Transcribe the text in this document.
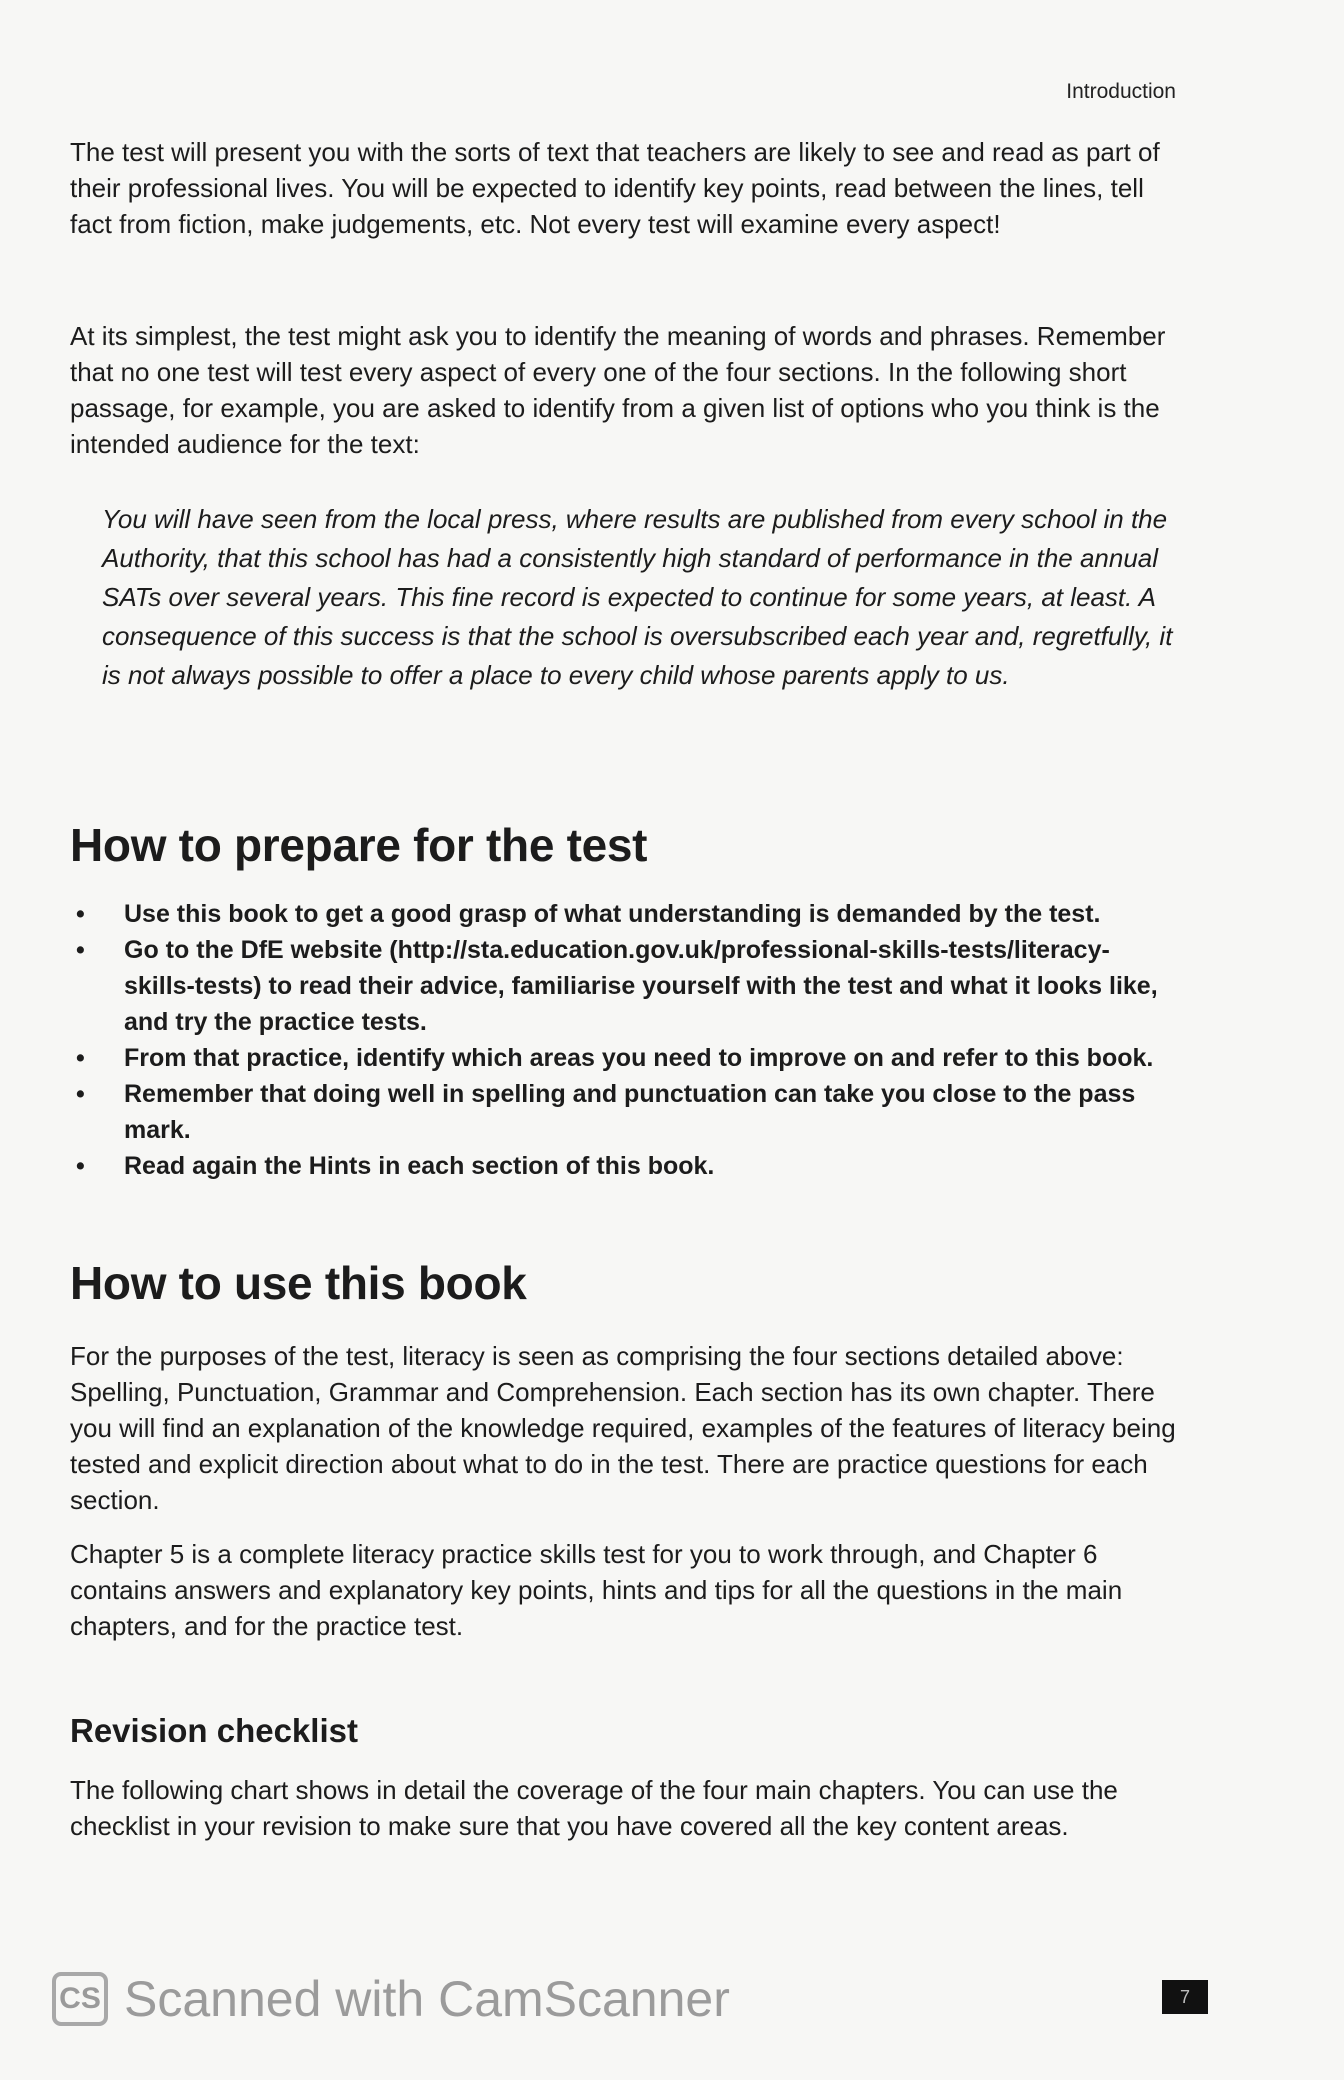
Introduction

The test will present you with the sorts of text that teachers are likely to see and read as part of their professional lives. You will be expected to identify key points, read between the lines, tell fact from fiction, make judgements, etc. Not every test will examine every aspect!

At its simplest, the test might ask you to identify the meaning of words and phrases. Remember that no one test will test every aspect of every one of the four sections. In the following short passage, for example, you are asked to identify from a given list of options who you think is the intended audience for the text:

You will have seen from the local press, where results are published from every school in the Authority, that this school has had a consistently high standard of performance in the annual SATs over several years. This fine record is expected to continue for some years, at least. A consequence of this success is that the school is oversubscribed each year and, regretfully, it is not always possible to offer a place to every child whose parents apply to us.

How to prepare for the test
• Use this book to get a good grasp of what understanding is demanded by the test.
• Go to the DfE website (http://sta.education.gov.uk/professional-skills-tests/literacy-skills-tests) to read their advice, familiarise yourself with the test and what it looks like, and try the practice tests.
• From that practice, identify which areas you need to improve on and refer to this book.
• Remember that doing well in spelling and punctuation can take you close to the pass mark.
• Read again the Hints in each section of this book.
How to use this book

For the purposes of the test, literacy is seen as comprising the four sections detailed above: Spelling, Punctuation, Grammar and Comprehension. Each section has its own chapter. There you will find an explanation of the knowledge required, examples of the features of literacy being tested and explicit direction about what to do in the test. There are practice questions for each section.

Chapter 5 is a complete literacy practice skills test for you to work through, and Chapter 6 contains answers and explanatory key points, hints and tips for all the questions in the main chapters, and for the practice test.

Revision checklist

The following chart shows in detail the coverage of the four main chapters. You can use the checklist in your revision to make sure that you have covered all the key content areas.

CS Scanned with CamScanner	7
